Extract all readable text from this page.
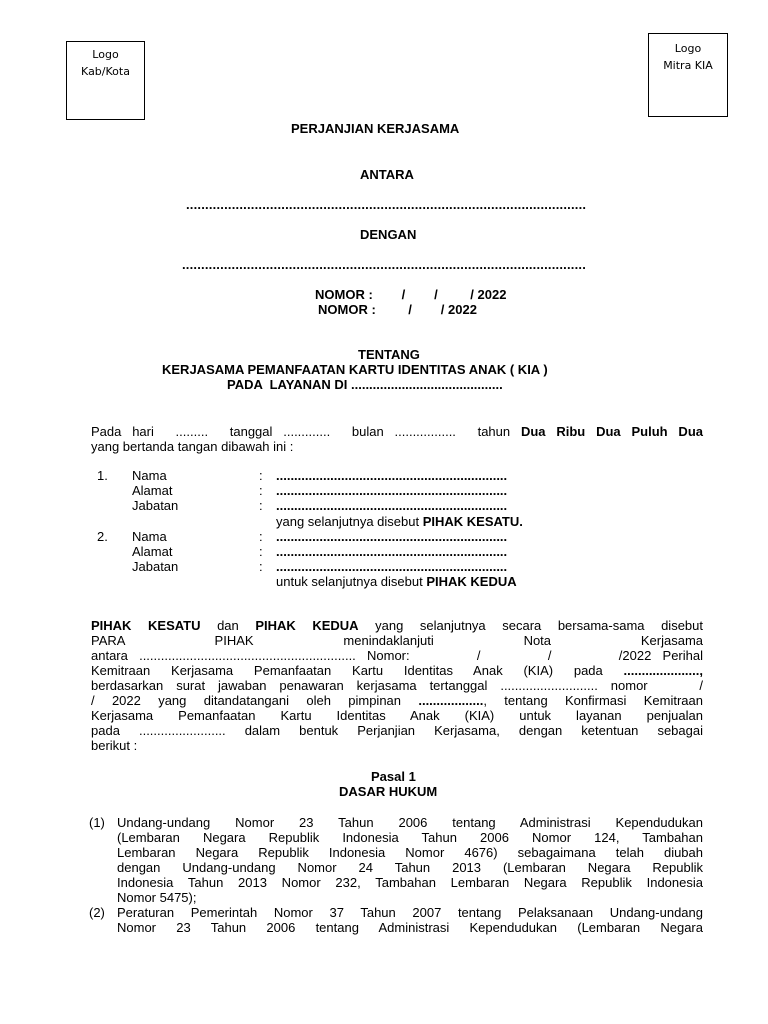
Logo
Kab/Kota
Logo
Mitra KIA
PERJANJIAN KERJASAMA
ANTARA
.........................................................................................................
DENGAN
..........................................................................................................
NOMOR :        /        /         / 2022
NOMOR :         /        / 2022
TENTANG
KERJASAMA PEMANFAATAN KARTU IDENTITAS ANAK ( KIA )
PADA  LAYANAN DI ..........................................
Pada hari  .........  tanggal .............  bulan .................  tahun Dua Ribu Dua Puluh Dua
yang bertanda tangan dibawah ini :
1. Nama
Alamat
Jabatan
:
:
:
................................................................
................................................................
................................................................
yang selanjutnya disebut PIHAK KESATU.
2. Nama
Alamat
Jabatan
:
:
:
................................................................
................................................................
................................................................
untuk selanjutnya disebut PIHAK KEDUA
PIHAK KESATU dan PIHAK KEDUA yang selanjutnya secara bersama-sama disebut
PARA PIHAK menindaklanjuti Nota Kerjasama
antara ............................................................ Nomor:      /      /      /2022 Perihal
Kemitraan Kerjasama Pemanfaatan Kartu Identitas Anak (KIA) pada .....................,
berdasarkan surat jawaban penawaran kerjasama tertanggal ........................... nomor    /
/ 2022 yang ditandatangani oleh pimpinan .................., tentang Konfirmasi Kemitraan
Kerjasama Pemanfaatan Kartu Identitas Anak (KIA) untuk layanan penjualan
pada ........................ dalam bentuk Perjanjian Kerjasama, dengan ketentuan sebagai
berikut :
Pasal 1
DASAR HUKUM
(1) Undang-undang Nomor 23 Tahun 2006 tentang Administrasi Kependudukan
(Lembaran Negara Republik Indonesia Tahun 2006 Nomor 124, Tambahan
Lembaran Negara Republik Indonesia Nomor 4676) sebagaimana telah diubah
dengan Undang-undang Nomor 24 Tahun 2013 (Lembaran Negara Republik
Indonesia Tahun 2013 Nomor 232, Tambahan Lembaran Negara Republik Indonesia
Nomor 5475);
(2) Peraturan Pemerintah Nomor 37 Tahun 2007 tentang Pelaksanaan Undang-undang
Nomor 23 Tahun 2006 tentang Administrasi Kependudukan (Lembaran Negara
